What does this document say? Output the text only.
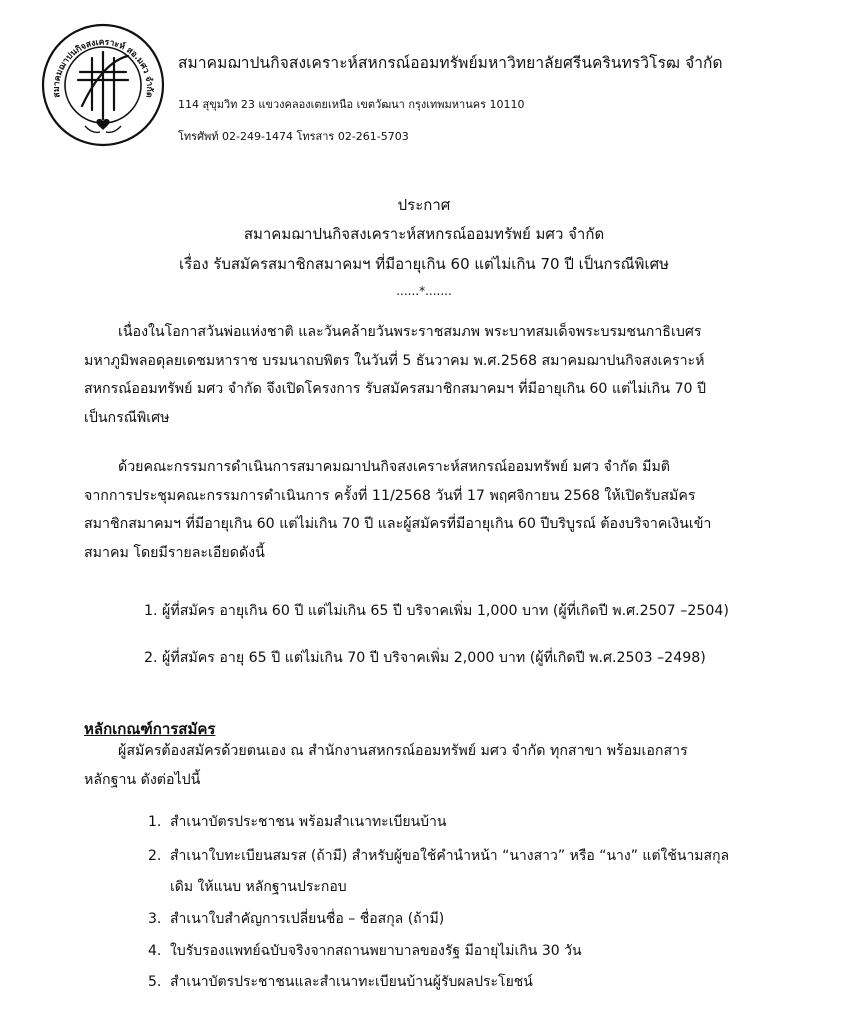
สมาคมฌาปนกิจสงเคราะห์ สอ.มศว จำกัด
สมาคมฌาปนกิจสงเคราะห์สหกรณ์ออมทรัพย์มหาวิทยาลัยศรีนครินทรวิโรฒ จำกัด
114 สุขุมวิท 23 แขวงคลองเตยเหนือ เขตวัฒนา กรุงเทพมหานคร 10110
โทรศัพท์ 02-249-1474 โทรสาร 02-261-5703
ประกาศ
สมาคมฌาปนกิจสงเคราะห์สหกรณ์ออมทรัพย์ มศว จำกัด
เรื่อง รับสมัครสมาชิกสมาคมฯ ที่มีอายุเกิน 60 แต่ไม่เกิน 70 ปี เป็นกรณีพิเศษ
......*.......
เนื่องในโอกาสวันพ่อแห่งชาติ และวันคล้ายวันพระราชสมภพ พระบาทสมเด็จพระบรมชนกาธิเบศร
มหาภูมิพลอดุลยเดชมหาราช บรมนาถบพิตร ในวันที่ 5 ธันวาคม พ.ศ.2568 สมาคมฌาปนกิจสงเคราะห์
สหกรณ์ออมทรัพย์ มศว จำกัด จึงเปิดโครงการ รับสมัครสมาชิกสมาคมฯ ที่มีอายุเกิน 60 แต่ไม่เกิน 70 ปี
เป็นกรณีพิเศษ
ด้วยคณะกรรมการดำเนินการสมาคมฌาปนกิจสงเคราะห์สหกรณ์ออมทรัพย์ มศว จำกัด มีมติ
จากการประชุมคณะกรรมการดำเนินการ ครั้งที่ 11/2568 วันที่ 17 พฤศจิกายน 2568 ให้เปิดรับสมัคร
สมาชิกสมาคมฯ ที่มีอายุเกิน 60 แต่ไม่เกิน 70 ปี และผู้สมัครที่มีอายุเกิน 60 ปีบริบูรณ์ ต้องบริจาคเงินเข้า
สมาคม โดยมีรายละเอียดดังนี้
1. ผู้ที่สมัคร อายุเกิน 60 ปี แต่ไม่เกิน 65 ปี บริจาคเพิ่ม 1,000 บาท (ผู้ที่เกิดปี พ.ศ.2507 –2504)
2. ผู้ที่สมัคร อายุ 65 ปี แต่ไม่เกิน 70 ปี บริจาคเพิ่ม 2,000 บาท (ผู้ที่เกิดปี พ.ศ.2503 –2498)
หลักเกณฑ์การสมัคร
ผู้สมัครต้องสมัครด้วยตนเอง ณ สำนักงานสหกรณ์ออมทรัพย์ มศว จำกัด ทุกสาขา พร้อมเอกสาร
หลักฐาน ดังต่อไปนี้
1. สำเนาบัตรประชาชน พร้อมสำเนาทะเบียนบ้าน
2. สำเนาใบทะเบียนสมรส (ถ้ามี) สำหรับผู้ขอใช้คำนำหน้า “นางสาว” หรือ “นาง” แต่ใช้นามสกุล
เดิม ให้แนบ หลักฐานประกอบ
3. สำเนาใบสำคัญการเปลี่ยนชื่อ – ชื่อสกุล (ถ้ามี)
4. ใบรับรองแพทย์ฉบับจริงจากสถานพยาบาลของรัฐ มีอายุไม่เกิน 30 วัน
5. สำเนาบัตรประชาชนและสำเนาทะเบียนบ้านผู้รับผลประโยชน์
